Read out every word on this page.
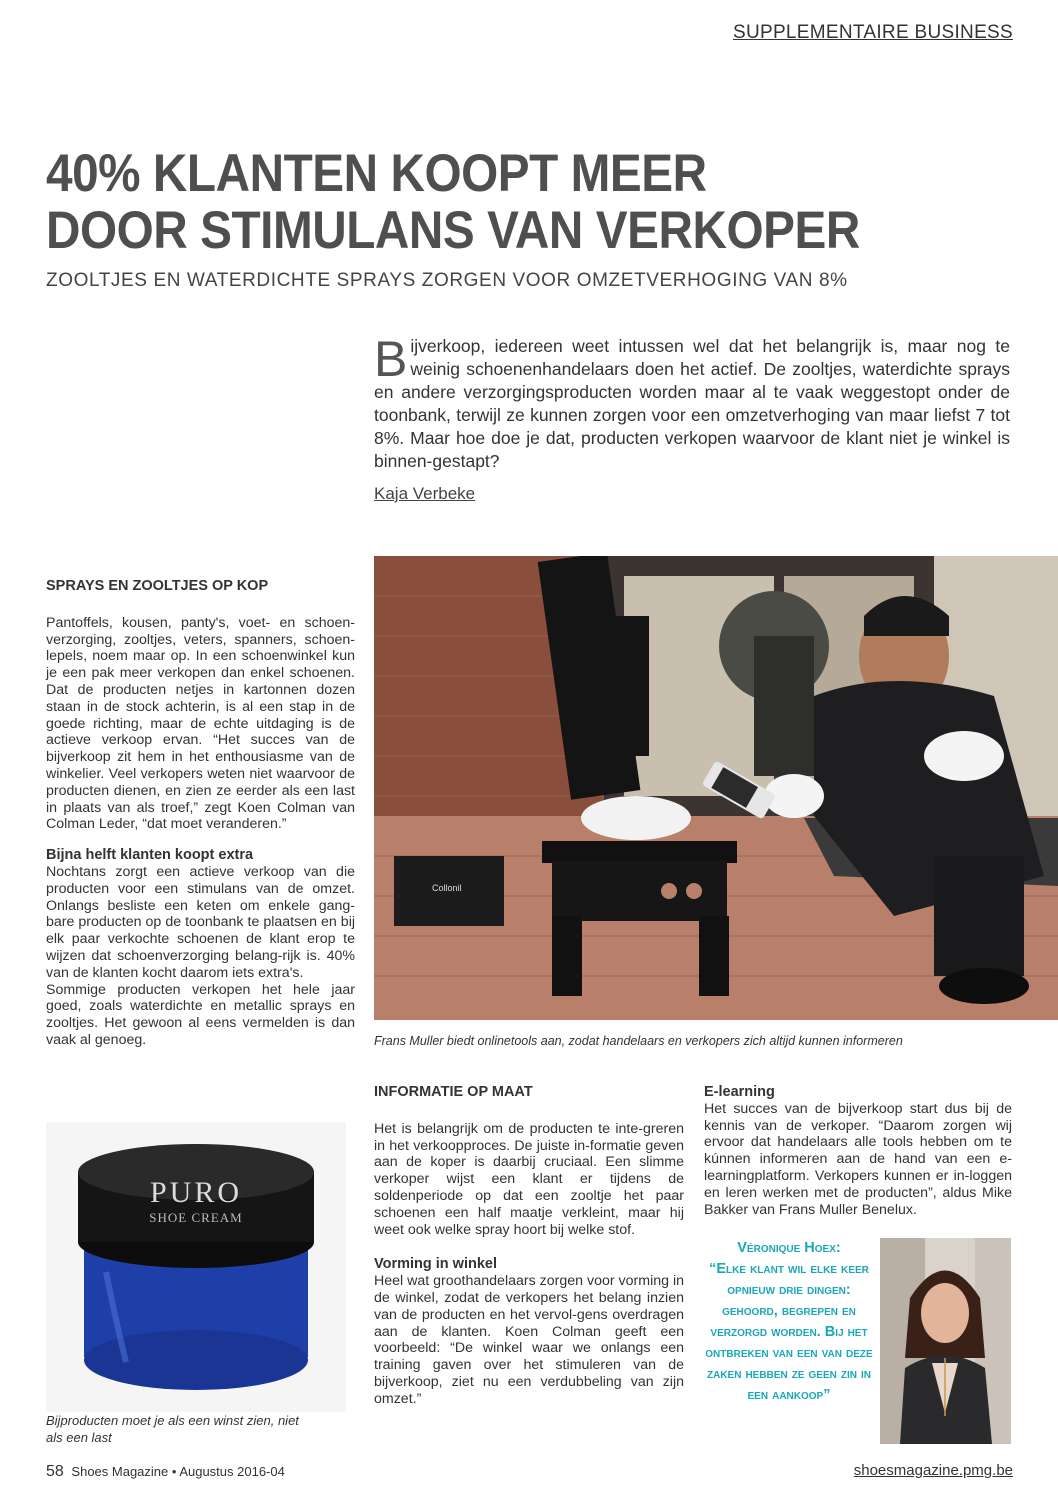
SUPPLEMENTAIRE BUSINESS
40% KLANTEN KOOPT MEER
DOOR STIMULANS VAN VERKOPER
ZOOLTJES EN WATERDICHTE SPRAYS ZORGEN VOOR OMZETVERHOGING VAN 8%
B ijverkoop, iedereen weet intussen wel dat het belangrijk is, maar nog te weinig schoenenhandelaars doen het actief. De zooltjes, waterdichte sprays en andere verzorgingsproducten worden maar al te vaak weggestopt onder de toonbank, terwijl ze kunnen zorgen voor een omzetverhoging van maar liefst 7 tot 8%. Maar hoe doe je dat, producten verkopen waarvoor de klant niet je winkel is binnen-gestapt?
Kaja Verbeke
SPRAYS EN ZOOLTJES OP KOP

Pantoffels, kousen, panty's, voet- en schoen-verzorging, zooltjes, veters, spanners, schoen-lepels, noem maar op. In een schoenwinkel kun je een pak meer verkopen dan enkel schoenen. Dat de producten netjes in kartonnen dozen staan in de stock achterin, is al een stap in de goede richting, maar de echte uitdaging is de actieve verkoop ervan. “Het succes van de bijverkoop zit hem in het enthousiasme van de winkelier. Veel verkopers weten niet waarvoor de producten dienen, en zien ze eerder als een last in plaats van als troef,” zegt Koen Colman van Colman Leder, “dat moet veranderen.”

Bijna helft klanten koopt extra

Nochtans zorgt een actieve verkoop van die producten voor een stimulans van de omzet. Onlangs besliste een keten om enkele gang-bare producten op de toonbank te plaatsen en bij elk paar verkochte schoenen de klant erop te wijzen dat schoenverzorging belang-rijk is. 40% van de klanten kocht daarom iets extra's.

Sommige producten verkopen het hele jaar goed, zoals waterdichte en metallic sprays en zooltjes. Het gewoon al eens vermelden is dan vaak al genoeg.

Collonil
Frans Muller biedt onlinetools aan, zodat handelaars en verkopers zich altijd kunnen informeren
PURO
SHOE CREAM
Bijproducten moet je als een winst zien, niet als een last
INFORMATIE OP MAAT

Het is belangrijk om de producten te inte-greren in het verkoopproces. De juiste in-formatie geven aan de koper is daarbij cruciaal. Een slimme verkoper wijst een klant er tijdens de soldenperiode op dat een zooltje het paar schoenen een half maatje verkleint, maar hij weet ook welke spray hoort bij welke stof.

Vorming in winkel

Heel wat groothandelaars zorgen voor vorming in de winkel, zodat de verkopers het belang inzien van de producten en het vervol-gens overdragen aan de klanten. Koen Colman geeft een voorbeeld: “De winkel waar we onlangs een training gaven over het stimuleren van de bijverkoop, ziet nu een verdubbeling van zijn omzet.”

E-learning

Het succes van de bijverkoop start dus bij de kennis van de verkoper. “Daarom zorgen wij ervoor dat handelaars alle tools hebben om te kúnnen informeren aan de hand van een e-learningplatform. Verkopers kunnen er in-loggen en leren werken met de producten”, aldus Mike Bakker van Frans Muller Benelux.

Véronique Hoex:
“Elke klant wil elke keer opnieuw drie dingen: gehoord, begrepen en verzorgd worden. Bij het ontbreken van een van deze zaken hebben ze geen zin in een aankoop”
58 Shoes Magazine • Augustus 2016-04	shoesmagazine.pmg.be
